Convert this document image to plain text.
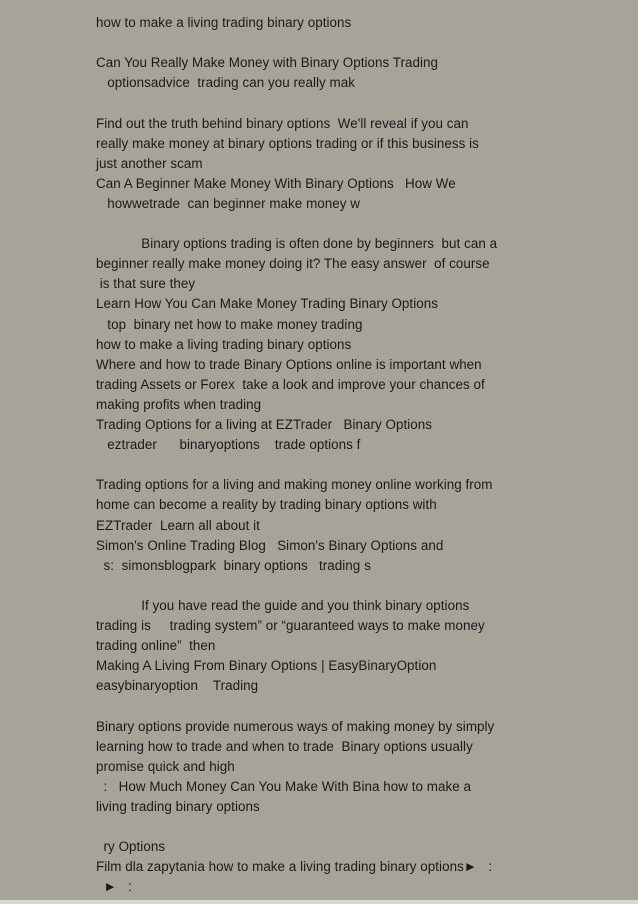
how to make a living trading binary options
Can You Really Make Money with Binary Options Trading
optionsadvice  trading can you really mak
Find out the truth behind binary options  We'll reveal if you can
really make money at binary options trading or if this business is
just another scam
Can A Beginner Make Money With Binary Options   How We
howwetrade  can beginner make money w
Binary options trading is often done by beginners  but can a
beginner really make money doing it? The easy answer  of course
is that sure they
Learn How You Can Make Money Trading Binary Options
top  binary net how to make money trading
how to make a living trading binary options
Where and how to trade Binary Options online is important when
trading Assets or Forex  take a look and improve your chances of
making profits when trading
Trading Options for a living at EZTrader   Binary Options
eztrader      binaryoptions    trade options f
Trading options for a living and making money online working from
home can become a reality by trading binary options with
EZTrader  Learn all about it
Simon's Online Trading Blog   Simon's Binary Options and
s:  simonsblogpark  binary options   trading s
If you have read the guide and you think binary options
trading is     trading system” or “guaranteed ways to make money
trading online”  then
Making A Living From Binary Options | EasyBinaryOption
easybinaryoption    Trading
Binary options provide numerous ways of making money by simply
learning how to trade and when to trade  Binary options usually
promise quick and high
:   How Much Money Can You Make With Bina how to make a
living trading binary options
ry Options
Film dla zapytania how to make a living trading binary options►   :
►   :
